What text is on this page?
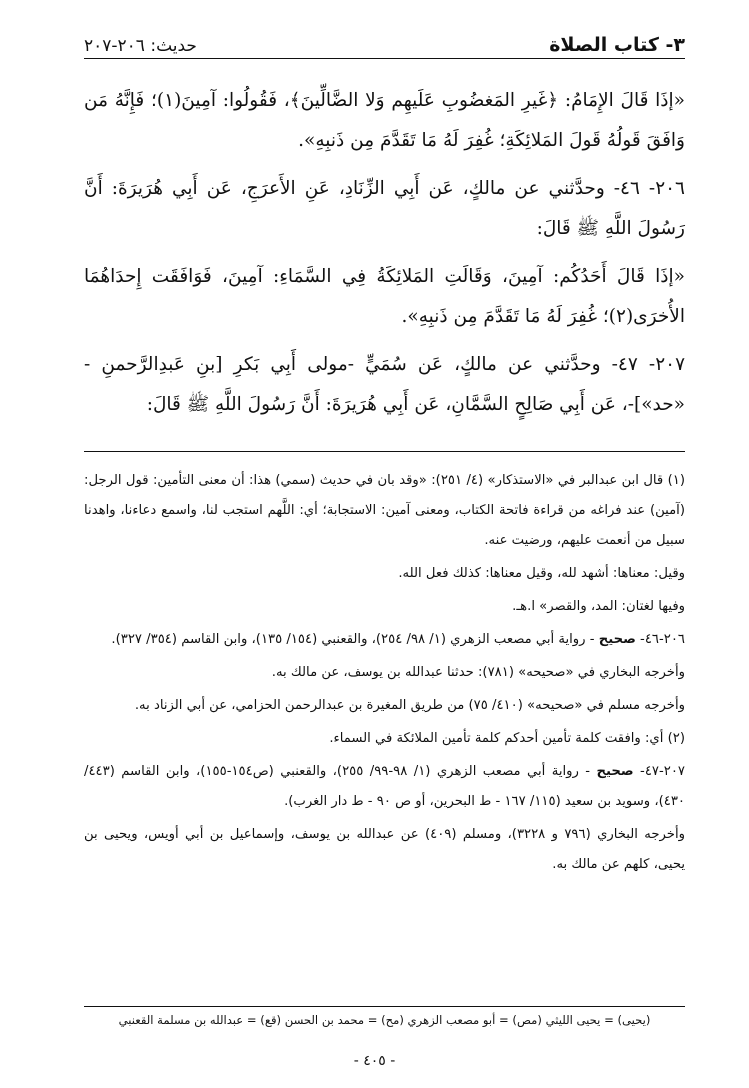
٣- كتاب الصلاة
حديث: ٢٠٦-٢٠٧

«إذَا قَالَ الإِمَامُ: ﴿غَيرِ المَغضُوبِ عَلَيهِم وَلا الضَّالِّينَ﴾، فَقُولُوا: آمِينَ(١)؛ فَإِنَّهُ مَن وَافَقَ قَولُهُ قَولَ المَلائِكَةِ؛ غُفِرَ لَهُ مَا تَقَدَّمَ مِن ذَنبِهِ».

٢٠٦- ٤٦- وحدَّثني عن مالكٍ، عَن أَبِي الزِّنَادِ، عَنِ الأَعرَجِ، عَن أَبِي هُرَيرَةَ: أَنَّ رَسُولَ اللَّهِ ﷺ قَالَ:

«إذَا قَالَ أَحَدُكُم: آمِينَ، وَقَالَتِ المَلائِكَةُ فِي السَّمَاءِ: آمِينَ، فَوَافَقَت إِحدَاهُمَا الأُخرَى(٢)؛ غُفِرَ لَهُ مَا تَقَدَّمَ مِن ذَنبِهِ».

٢٠٧- ٤٧- وحدَّثني عن مالكٍ، عَن سُمَيٍّ -مولى أَبِي بَكرِ [بنِ عَبدِالرَّحمنِ - «حد»]-، عَن أَبِي صَالِحٍ السَّمَّانِ، عَن أَبِي هُرَيرَةَ: أَنَّ رَسُولَ اللَّهِ ﷺ قَالَ:

(١) قال ابن عبدالبر في «الاستذكار» (٤/ ٢٥١): «وقد بان في حديث (سمي) هذا: أن معنى التأمين: قول الرجل: (آمين) عند فراغه من قراءة فاتحة الكتاب، ومعنى آمين: الاستجابة؛ أي: اللَّهم استجب لنا، واسمع دعاءنا، واهدنا سبيل من أنعمت عليهم، ورضيت عنه.

وقيل: معناها: أشهد لله، وقيل معناها: كذلك فعل الله.

وفيها لغتان: المد، والقصر» ا.هـ.

٢٠٦-٤٦- صحيح - رواية أبي مصعب الزهري (١/ ٩٨/ ٢٥٤)، والقعنبي (١٥٤/ ١٣٥)، وابن القاسم (٣٥٤/ ٣٢٧).

وأخرجه البخاري في «صحيحه» (٧٨١): حدثنا عبدالله بن يوسف، عن مالك به.

وأخرجه مسلم في «صحيحه» (٤١٠/ ٧٥) من طريق المغيرة بن عبدالرحمن الحزامي، عن أبي الزناد به.

(٢) أي: وافقت كلمة تأمين أحدكم كلمة تأمين الملائكة في السماء.

٢٠٧-٤٧- صحيح - رواية أبي مصعب الزهري (١/ ٩٨-٩٩/ ٢٥٥)، والقعنبي (ص١٥٤-١٥٥)، وابن القاسم (٤٤٣/ ٤٣٠)، وسويد بن سعيد (١١٥/ ١٦٧ - ط البحرين، أو ص ٩٠ - ط دار الغرب).

وأخرجه البخاري (٧٩٦ و ٣٢٢٨)، ومسلم (٤٠٩) عن عبدالله بن يوسف، وإسماعيل بن أبي أويس، ويحيى بن يحيى، كلهم عن مالك به.

(يحيى) = يحيى الليثي (مص) = أبو مصعب الزهري (مح) = محمد بن الحسن (قع) = عبدالله بن مسلمة القعنبي
- ٤٠٥ -
